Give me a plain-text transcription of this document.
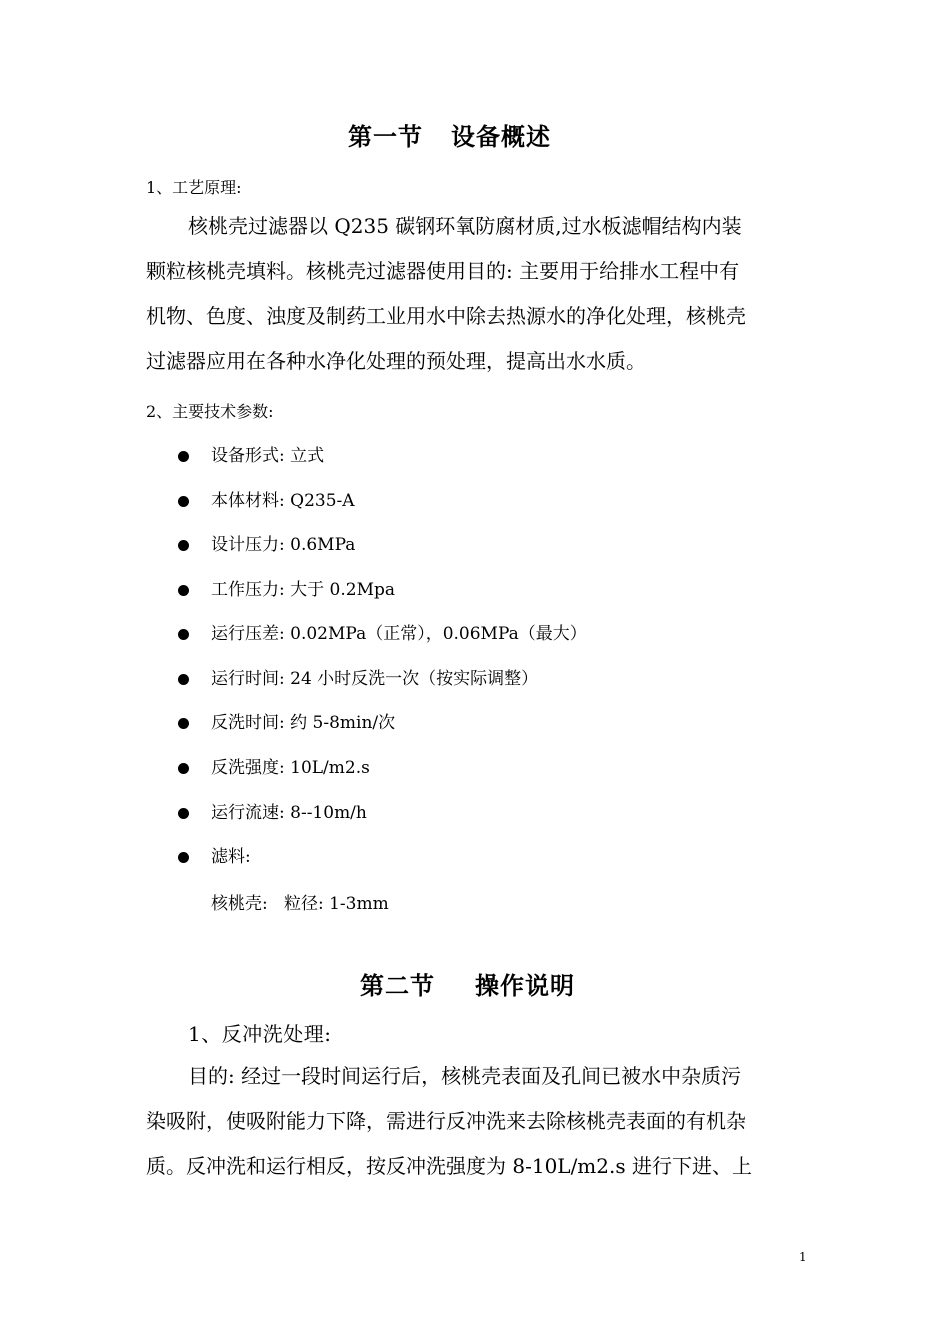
第一节 设备概述
1、工艺原理:
核桃壳过滤器以 Q235 碳钢环氧防腐材质,过水板滤帽结构内装
颗粒核桃壳填料。核桃壳过滤器使用目的: 主要用于给排水工程中有
机物、色度、浊度及制药工业用水中除去热源水的净化处理，核桃壳
过滤器应用在各种水净化处理的预处理，提高出水水质。
2、主要技术参数:
设备形式: 立式
本体材料: Q235-A
设计压力: 0.6MPa
工作压力: 大于 0.2Mpa
运行压差: 0.02MPa（正常），0.06MPa（最大）
运行时间: 24 小时反洗一次（按实际调整）
反洗时间: 约 5-8min/次
反洗强度: 10L/m2.s
运行流速: 8--10m/h
滤料:
核桃壳:   粒径: 1-3mm
第二节 操作说明
1、反冲洗处理:
目的: 经过一段时间运行后，核桃壳表面及孔间已被水中杂质污
染吸附，使吸附能力下降，需进行反冲洗来去除核桃壳表面的有机杂
质。反冲洗和运行相反，按反冲洗强度为 8-10L/m2.s 进行下进、上
1
